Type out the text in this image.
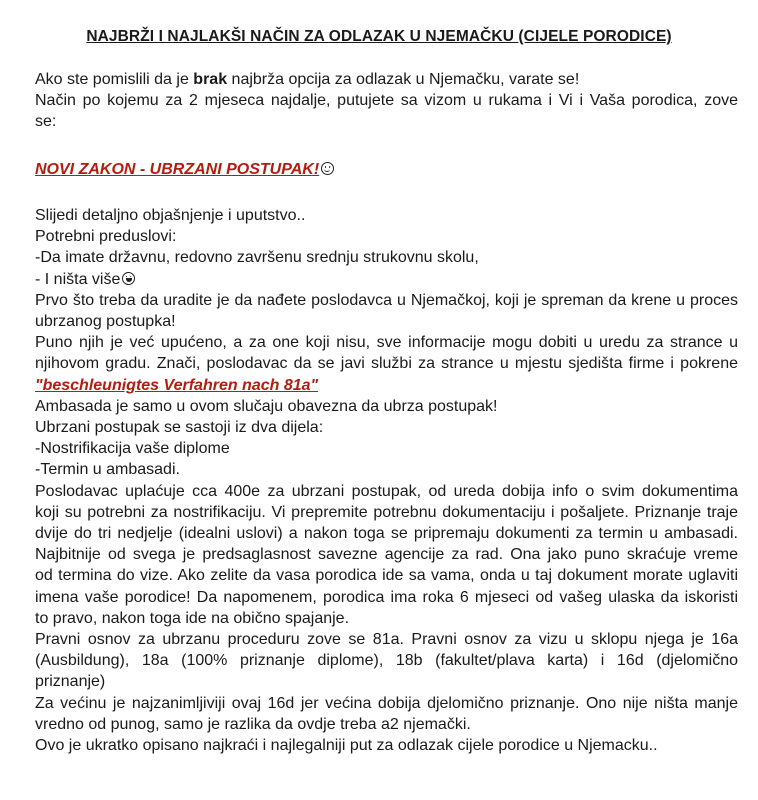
NAJBRŽI I NAJLAKŠI NAČIN ZA ODLAZAK U NJEMAČKU (CIJELE PORODICE)
Ako ste pomislili da je brak najbrža opcija za odlazak u Njemačku, varate se!
Način po kojemu za 2 mjeseca najdalje, putujete sa vizom u rukama i Vi i Vaša porodica, zove
se:
NOVI ZAKON - UBRZANI POSTUPAK!
Slijedi detaljno objašnjenje i uputstvo..
Potrebni preduslovi:
-Da imate državnu, redovno završenu srednju strukovnu skolu,
- I ništa više
Prvo što treba da uradite je da nađete poslodavca u Njemačkoj, koji je spreman da krene u proces
ubrzanog postupka!
Puno njih je već upućeno, a za one koji nisu, sve informacije mogu dobiti u uredu za strance u
njihovom gradu. Znači, poslodavac da se javi službi za strance u mjestu sjedišta firme i pokrene
"beschleunigtes Verfahren nach 81a"
Ambasada je samo u ovom slučaju obavezna da ubrza postupak!
Ubrzani postupak se sastoji iz dva dijela:
-Nostrifikacija vaše diplome
-Termin u ambasadi.
Poslodavac uplaćuje cca 400e za ubrzani postupak, od ureda dobija info o svim dokumentima
koji su potrebni za nostrifikaciju. Vi prepremite potrebnu dokumentaciju i pošaljete. Priznanje traje
dvije do tri nedjelje (idealni uslovi) a nakon toga se pripremaju dokumenti za termin u ambasadi.
Najbitnije od svega je predsaglasnost savezne agencije za rad. Ona jako puno skraćuje vreme
od termina do vize. Ako zelite da vasa porodica ide sa vama, onda u taj dokument morate uglaviti
imena vaše porodice! Da napomenem, porodica ima roka 6 mjeseci od vašeg ulaska da iskoristi
to pravo, nakon toga ide na obično spajanje.
Pravni osnov za ubrzanu proceduru zove se 81a. Pravni osnov za vizu u sklopu njega je 16a
(Ausbildung), 18a (100% priznanje diplome), 18b (fakultet/plava karta) i 16d (djelomično
priznanje)
Za većinu je najzanimljiviji ovaj 16d jer većina dobija djelomično priznanje. Ono nije ništa manje
vredno od punog, samo je razlika da ovdje treba a2 njemački.
Ovo je ukratko opisano najkraći i najlegalniji put za odlazak cijele porodice u Njemacku..
